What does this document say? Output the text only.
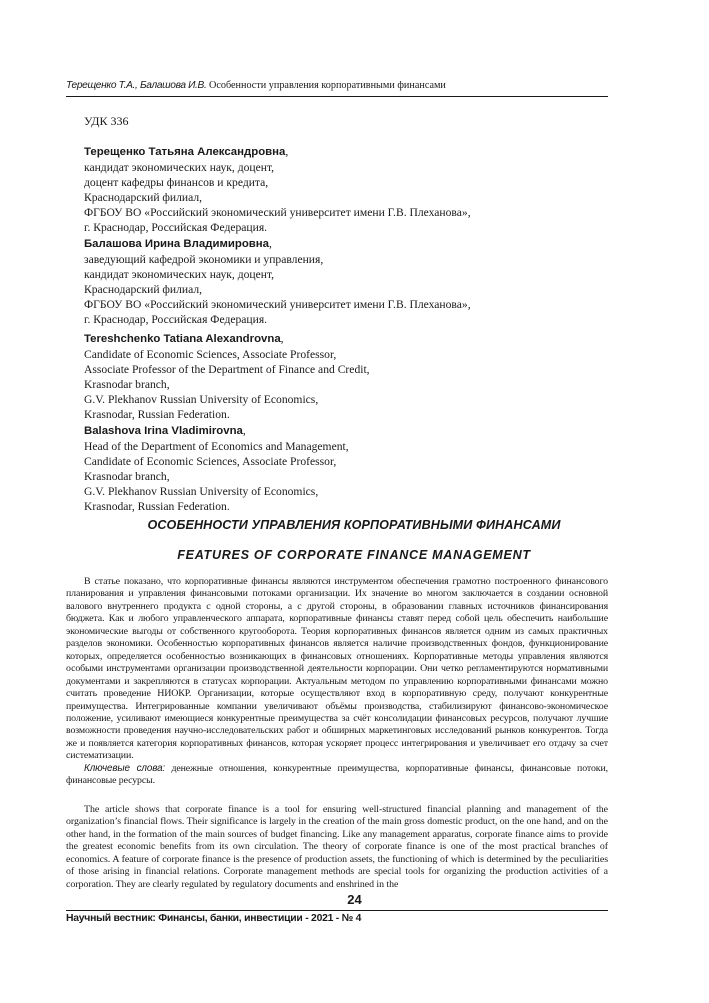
Терещенко Т.А., Балашова И.В. Особенности управления корпоративными финансами
УДК 336
Терещенко Татьяна Александровна,
кандидат экономических наук, доцент,
доцент кафедры финансов и кредита,
Краснодарский филиал,
ФГБОУ ВО «Российский экономический университет имени Г.В. Плеханова»,
г. Краснодар, Российская Федерация.
Балашова Ирина Владимировна,
заведующий кафедрой экономики и управления,
кандидат экономических наук, доцент,
Краснодарский филиал,
ФГБОУ ВО «Российский экономический университет имени Г.В. Плеханова»,
г. Краснодар, Российская Федерация.
Tereshchenko Tatiana Alexandrovna,
Candidate of Economic Sciences, Associate Professor,
Associate Professor of the Department of Finance and Credit,
Krasnodar branch,
G.V. Plekhanov Russian University of Economics,
Krasnodar, Russian Federation.
Balashova Irina Vladimirovna,
Head of the Department of Economics and Management,
Candidate of Economic Sciences, Associate Professor,
Krasnodar branch,
G.V. Plekhanov Russian University of Economics,
Krasnodar, Russian Federation.
ОСОБЕННОСТИ УПРАВЛЕНИЯ КОРПОРАТИВНЫМИ ФИНАНСАМИ
FEATURES OF CORPORATE FINANCE MANAGEMENT

В статье показано, что корпоративные финансы являются инструментом обеспечения грамотно построенного финансового планирования и управления финансовыми потоками организации. Их значение во многом заключается в создании основной валового внутреннего продукта с одной стороны, а с другой стороны, в образовании главных источников финансирования бюджета. Как и любого управленческого аппарата, корпоративные финансы ставят перед собой цель обеспечить наибольшие экономические выгоды от собственного кругооборота. Теория корпоративных финансов является одним из самых практичных разделов экономики. Особенностью корпоративных финансов является наличие производственных фондов, функционирование которых, определяется особенностью возникающих в финансовых отношениях. Корпоративные методы управления являются особыми инструментами организации производственной деятельности корпорации. Они четко регламентируются нормативными документами и закрепляются в статусах корпорации. Актуальным методом по управлению корпоративными финансами можно считать проведение НИОКР. Организации, которые осуществляют вход в корпоративную среду, получают конкурентные преимущества. Интегрированные компании увеличивают объёмы производства, стабилизируют финансово-экономическое положение, усиливают имеющиеся конкурентные преимущества за счёт консолидации финансовых ресурсов, получают лучшие возможности проведения научно-исследовательских работ и обширных маркетинговых исследований рынков конкурентов. Тогда же и появляется категория корпоративных финансов, которая ускоряет процесс интегрирования и увеличивает его отдачу за счет систематизации.

Ключевые слова: денежные отношения, конкурентные преимущества, корпоративные финансы, финансовые потоки, финансовые ресурсы.

The article shows that corporate finance is a tool for ensuring well-structured financial planning and management of the organization’s financial flows. Their significance is largely in the creation of the main gross domestic product, on the one hand, and on the other hand, in the formation of the main sources of budget financing. Like any management apparatus, corporate finance aims to provide the greatest economic benefits from its own circulation. The theory of corporate finance is one of the most practical branches of economics. A feature of corporate finance is the presence of production assets, the functioning of which is determined by the peculiarities of those arising in financial relations. Corporate management methods are special tools for organizing the production activities of a corporation. They are clearly regulated by regulatory documents and enshrined in the

24
Научный вестник: Финансы, банки, инвестиции - 2021 - № 4
